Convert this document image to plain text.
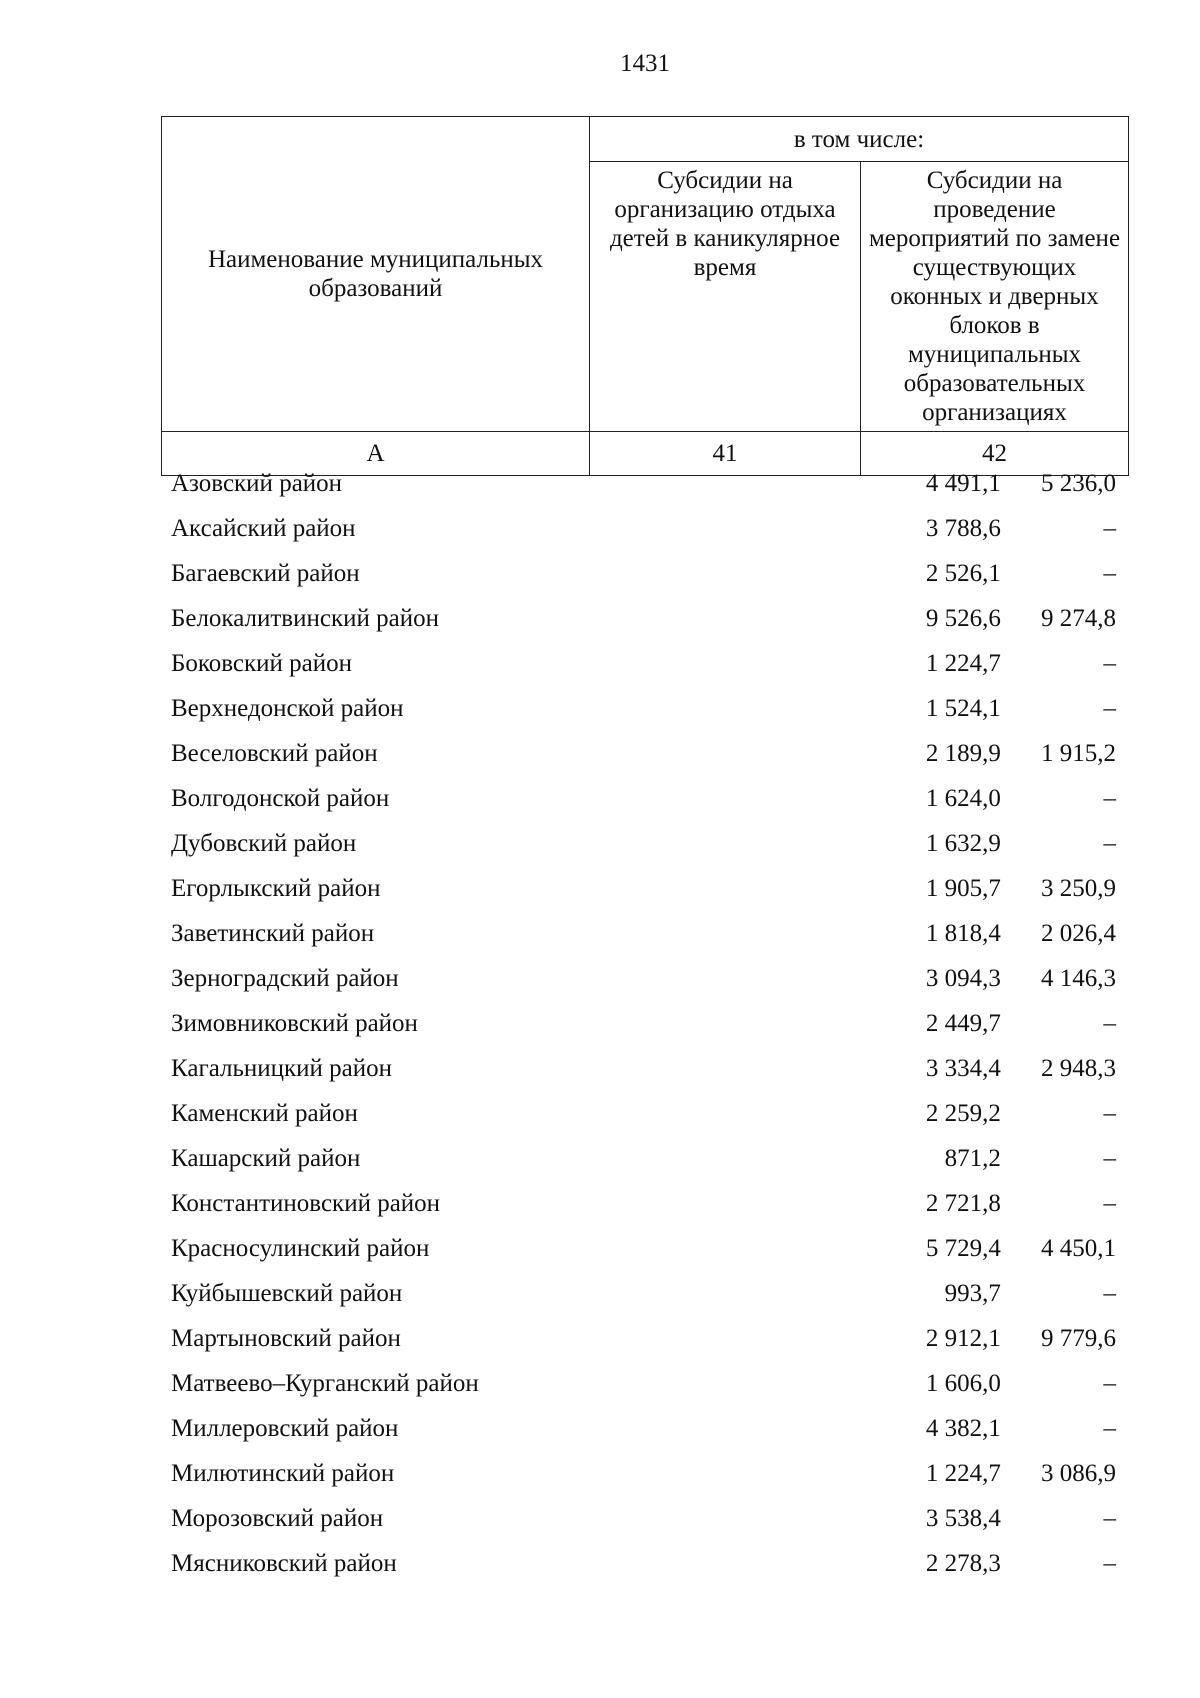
1431
Наименование муниципальных образований	в том числе:	
	Субсидии на организацию отдыха детей в каникулярное время	Субсидии на проведение мероприятий по замене существующих оконных и дверных блоков в муниципальных образовательных организациях
А	41	42
Азовский район	4 491,1	5 236,0
Аксайский район	3 788,6	–
Багаевский район	2 526,1	–
Белокалитвинский район	9 526,6	9 274,8
Боковский район	1 224,7	–
Верхнедонской район	1 524,1	–
Веселовский район	2 189,9	1 915,2
Волгодонской район	1 624,0	–
Дубовский район	1 632,9	–
Егорлыкский район	1 905,7	3 250,9
Заветинский район	1 818,4	2 026,4
Зерноградский район	3 094,3	4 146,3
Зимовниковский район	2 449,7	–
Кагальницкий район	3 334,4	2 948,3
Каменский район	2 259,2	–
Кашарский район	871,2	–
Константиновский район	2 721,8	–
Красносулинский район	5 729,4	4 450,1
Куйбышевский район	993,7	–
Мартыновский район	2 912,1	9 779,6
Матвеево–Курганский район	1 606,0	–
Миллеровский район	4 382,1	–
Милютинский район	1 224,7	3 086,9
Морозовский район	3 538,4	–
Мясниковский район	2 278,3	–
